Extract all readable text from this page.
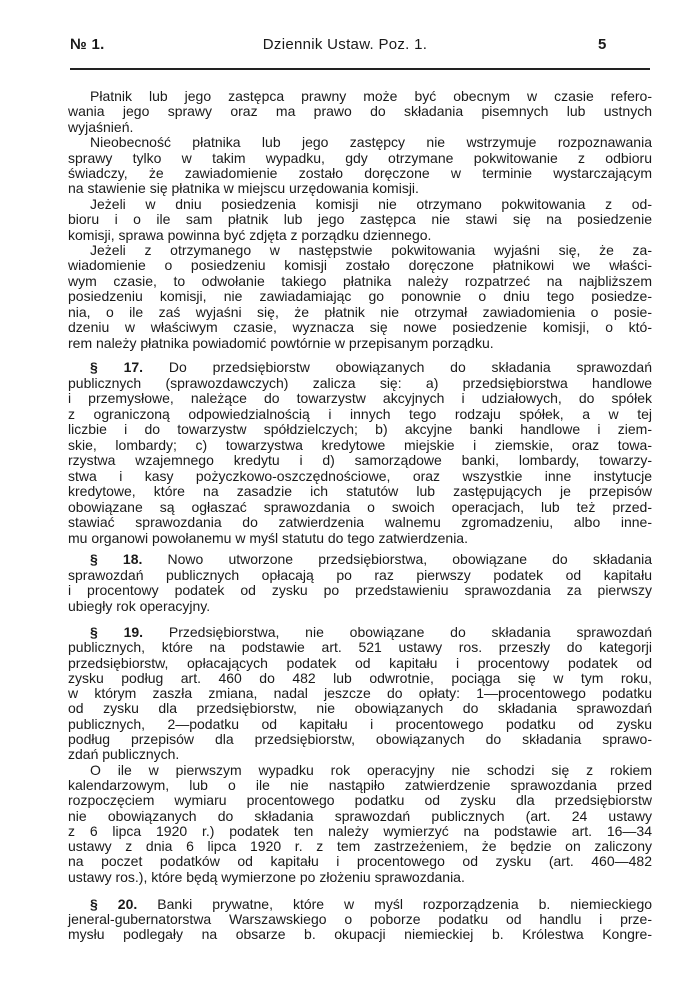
№ 1.	Dziennik Ustaw. Poz. 1.	5
Płatnik lub jego zastępca prawny może być obecnym w czasie refero-
wania jego sprawy oraz ma prawo do składania pisemnych lub ustnych
wyjaśnień.
Nieobecność płatnika lub jego zastępcy nie wstrzymuje rozpoznawania
sprawy tylko w takim wypadku, gdy otrzymane pokwitowanie z odbioru
świadczy, że zawiadomienie zostało doręczone w terminie wystarczającym
na stawienie się płatnika w miejscu urzędowania komisji.
Jeżeli w dniu posiedzenia komisji nie otrzymano pokwitowania z od-
bioru i o ile sam płatnik lub jego zastępca nie stawi się na posiedzenie
komisji, sprawa powinna być zdjęta z porządku dziennego.
Jeżeli z otrzymanego w następstwie pokwitowania wyjaśni się, że za-
wiadomienie o posiedzeniu komisji zostało doręczone płatnikowi we właści-
wym czasie, to odwołanie takiego płatnika należy rozpatrzeć na najbliższem
posiedzeniu komisji, nie zawiadamiając go ponownie o dniu tego posiedze-
nia, o ile zaś wyjaśni się, że płatnik nie otrzymał zawiadomienia o posie-
dzeniu w właściwym czasie, wyznacza się nowe posiedzenie komisji, o któ-
rem należy płatnika powiadomić powtórnie w przepisanym porządku.
§ 17. Do przedsiębiorstw obowiązanych do składania sprawozdań
publicznych (sprawozdawczych) zalicza się: a) przedsiębiorstwa handlowe
i przemysłowe, należące do towarzystw akcyjnych i udziałowych, do spółek
z ograniczoną odpowiedzialnością i innych tego rodzaju spółek, a w tej
liczbie i do towarzystw spółdzielczych; b) akcyjne banki handlowe i ziem-
skie, lombardy; c) towarzystwa kredytowe miejskie i ziemskie, oraz towa-
rzystwa wzajemnego kredytu i d) samorządowe banki, lombardy, towarzy-
stwa i kasy pożyczkowo-oszczędnościowe, oraz wszystkie inne instytucje
kredytowe, które na zasadzie ich statutów lub zastępujących je przepisów
obowiązane są ogłaszać sprawozdania o swoich operacjach, lub też przed-
stawiać sprawozdania do zatwierdzenia walnemu zgromadzeniu, albo inne-
mu organowi powołanemu w myśl statutu do tego zatwierdzenia.
§ 18. Nowo utworzone przedsiębiorstwa, obowiązane do składania
sprawozdań publicznych opłacają po raz pierwszy podatek od kapitału
i procentowy podatek od zysku po przedstawieniu sprawozdania za pierwszy
ubiegły rok operacyjny.
§ 19. Przedsiębiorstwa, nie obowiązane do składania sprawozdań
publicznych, które na podstawie art. 521 ustawy ros. przeszły do kategorji
przedsiębiorstw, opłacających podatek od kapitału i procentowy podatek od
zysku podług art. 460 do 482 lub odwrotnie, pociąga się w tym roku,
w którym zaszła zmiana, nadal jeszcze do opłaty: 1—procentowego podatku
od zysku dla przedsiębiorstw, nie obowiązanych do składania sprawozdań
publicznych, 2—podatku od kapitału i procentowego podatku od zysku
podług przepisów dla przedsiębiorstw, obowiązanych do składania sprawo-
zdań publicznych.
O ile w pierwszym wypadku rok operacyjny nie schodzi się z rokiem
kalendarzowym, lub o ile nie nastąpiło zatwierdzenie sprawozdania przed
rozpoczęciem wymiaru procentowego podatku od zysku dla przedsiębiorstw
nie obowiązanych do składania sprawozdań publicznych (art. 24 ustawy
z 6 lipca 1920 r.) podatek ten należy wymierzyć na podstawie art. 16—34
ustawy z dnia 6 lipca 1920 r. z tem zastrzeżeniem, że będzie on zaliczony
na poczet podatków od kapitału i procentowego od zysku (art. 460—482
ustawy ros.), które będą wymierzone po złożeniu sprawozdania.
§ 20. Banki prywatne, które w myśl rozporządzenia b. niemieckiego
jeneral-gubernatorstwa Warszawskiego o poborze podatku od handlu i prze-
mysłu podlegały na obsarze b. okupacji niemieckiej b. Królestwa Kongre-
